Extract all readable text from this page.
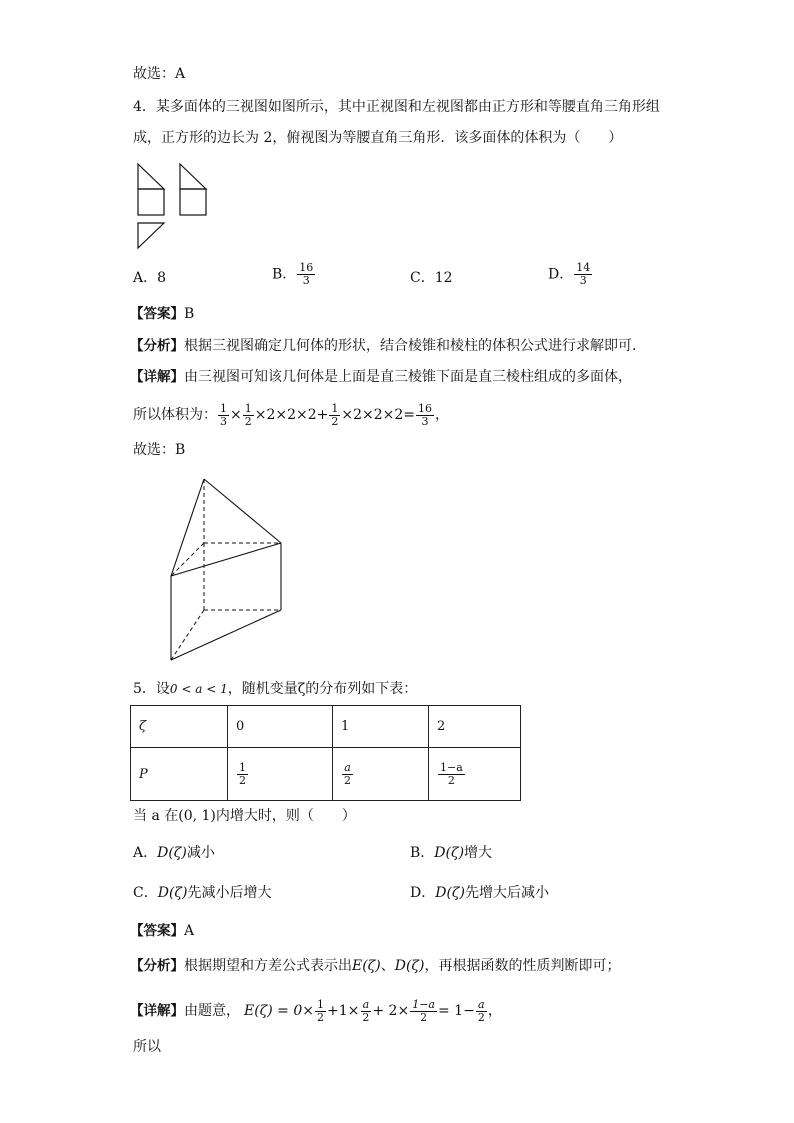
故选：A
4．某多面体的三视图如图所示，其中正视图和左视图都由正方形和等腰直角三角形组
成，正方形的边长为 2，俯视图为等腰直角三角形．该多面体的体积为（　　）
A．8	B． $\frac{16}{3}$	C．12	D． $\frac{14}{3}$
【答案】B
【分析】根据三视图确定几何体的形状，结合棱锥和棱柱的体积公式进行求解即可.
【详解】由三视图可知该几何体是上面是直三棱锥下面是直三棱柱组成的多面体，
所以体积为： $\frac{1}{3} \times \frac{1}{2} \times 2\times 2\times 2+ \frac{1}{2} \times 2\times 2\times 2= \frac{16}{3}$ ，
故选：B
5．设0 < a < 1，随机变量ζ的分布列如下表：
ζ	0	1	2
P	$\frac{1}{2}$	$\frac{a}{2}$	$\frac{1-a}{2}$
当 a 在(0, 1)内增大时，则（　　）
A．D(ζ)减小	B．D(ζ)增大
C．D(ζ)先减小后增大	D．D(ζ)先增大后减小
【答案】A
【分析】根据期望和方差公式表示出E(ζ)、D(ζ)，再根据函数的性质判断即可；
【详解】 由题意， $E(\zeta) = 0\times \frac{1}{2} +1\times \frac{a}{2} + 2\times \frac{1-a}{2} = 1- \frac{a}{2}$ ，
所以
